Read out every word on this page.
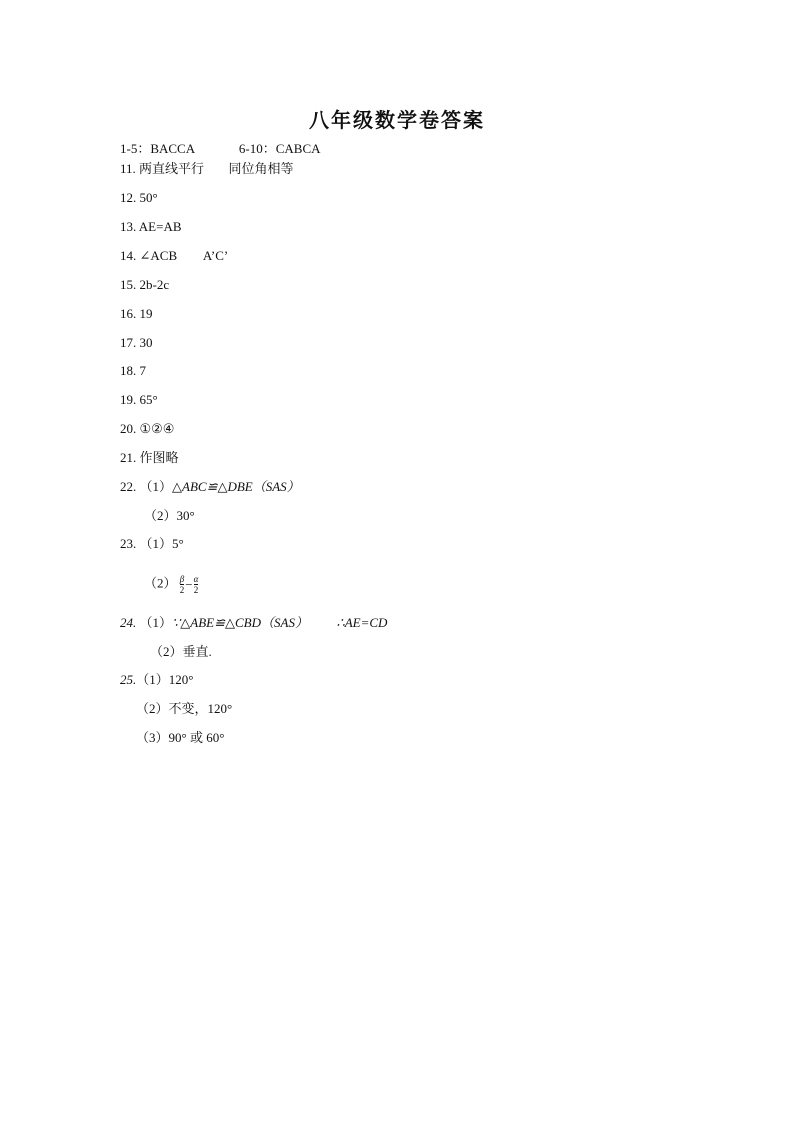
八年级数学卷答案
1-5：BACCA	6-10：CABCA
11. 两直线平行 同位角相等
12. 50°
13. AE=AB
14. ∠ACB A’C’
15. 2b-2c
16. 19
17. 30
18. 7
19. 65°
20. ①②④
21. 作图略
22. （1）△ABC≌△DBE（SAS）
（2）30°
23. （1）5°
$(2) \frac{\beta}{2} - \frac{\alpha}{2}$
24. （1）∵△ABE≌△CBD（SAS） ∴AE=CD
（2）垂直.
25.（1）120°
（2）不变，120°
（3）90° 或 60°
